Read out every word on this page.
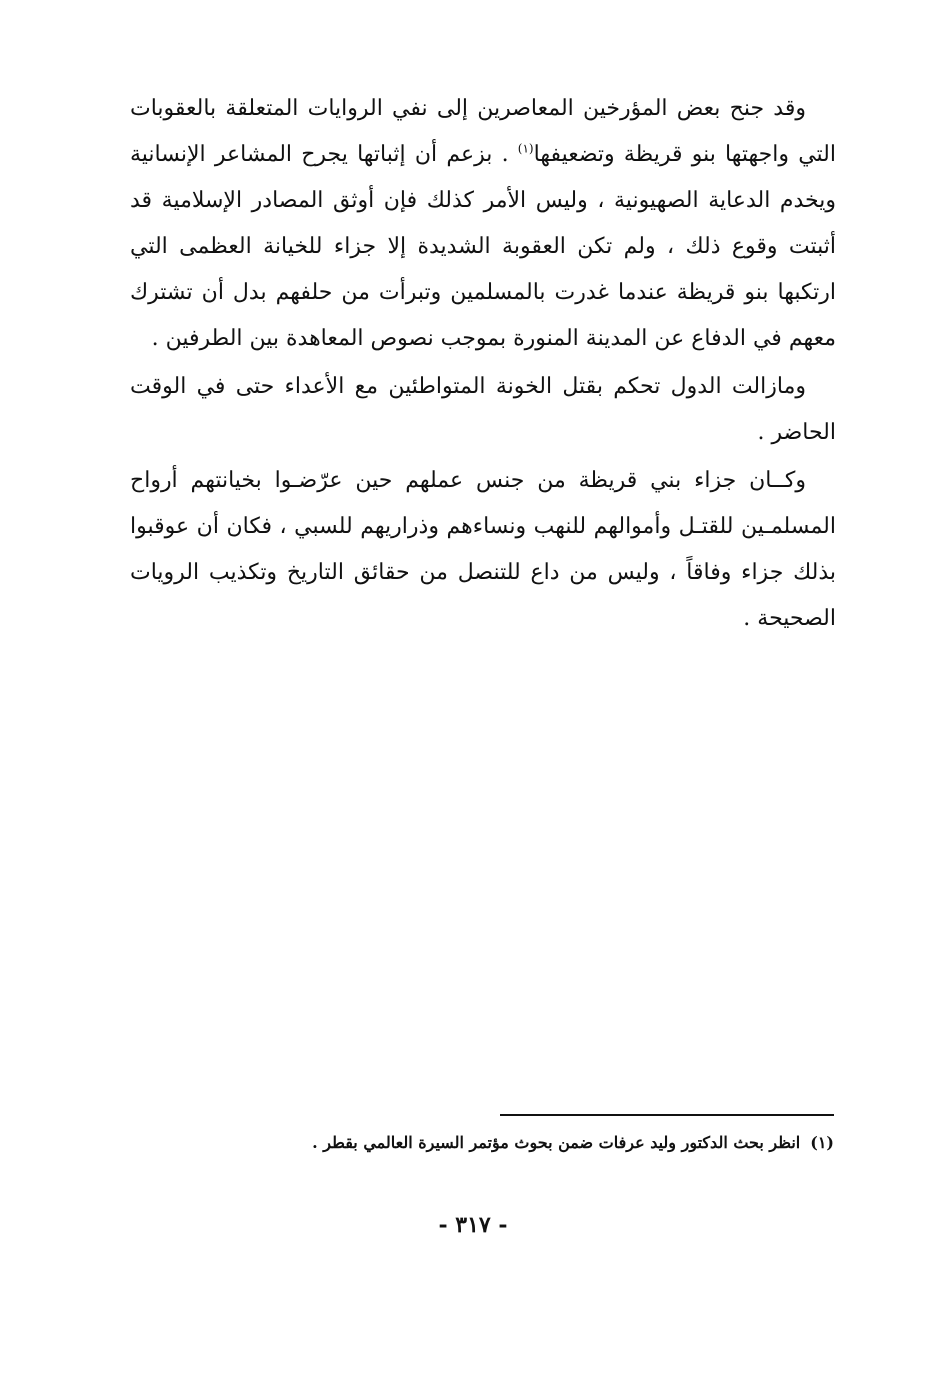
وقد جنح بعض المؤرخين المعاصرين إلى نفي الروايات المتعلقة بالعقوبات التي واجهتها بنو قريظة وتضعيفها$^{(١)}$ . بزعم أن إثباتها يجرح المشاعر الإنسانية ويخدم الدعاية الصهيونية ، وليس الأمر كذلك فإن أوثق المصادر الإسلامية قد أثبتت وقوع ذلك ، ولم تكن العقوبة الشديدة إلا جزاء للخيانة العظمى التي ارتكبها بنو قريظة عندما غدرت بالمسلمين وتبرأت من حلفهم بدل أن تشترك معهم في الدفاع عن المدينة المنورة بموجب نصوص المعاهدة بين الطرفين .

ومازالت الدول تحكم بقتل الخونة المتواطئين مع الأعداء حتى في الوقت الحاضر .

وكــان جزاء بني قريظة من جنس عملهم حين عرّضـوا بخيانتهم أرواح المسلمـين للقتـل وأموالهم للنهب ونساءهم وذراريهم للسبي ، فكان أن عوقبوا بذلك جزاء وفاقاً ، وليس من داع للتنصل من حقائق التاريخ وتكذيب الرويات الصحيحة .

(١)انظر بحث الدكتور وليد عرفات ضمن بحوث مؤتمر السيرة العالمي بقطر .
- ٣١٧ -
